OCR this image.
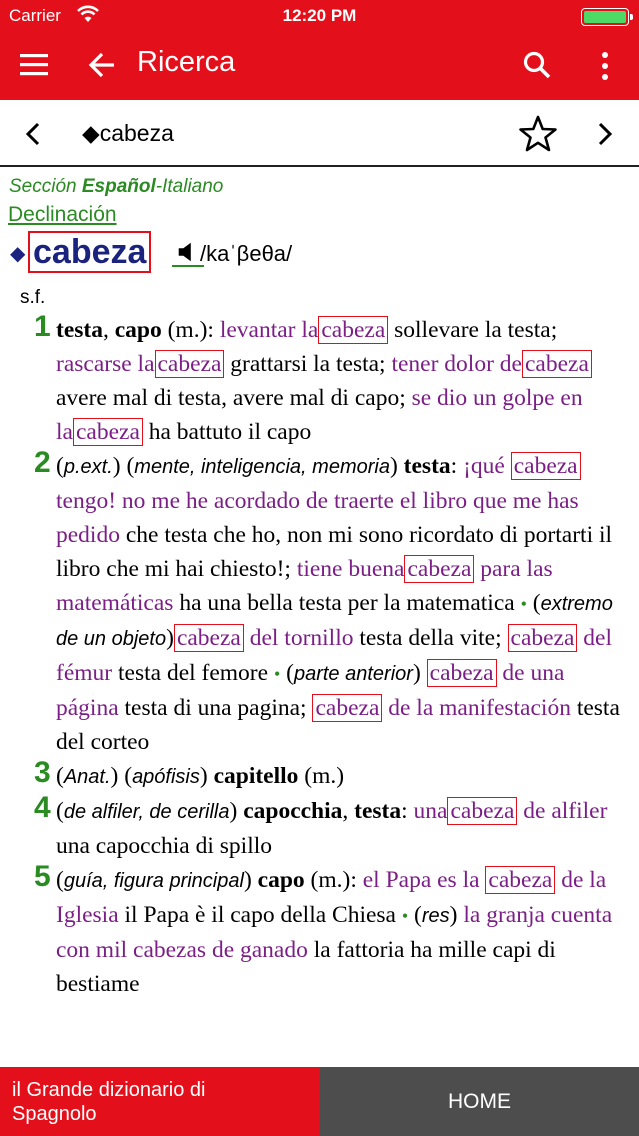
Carrier	12:20 PM
Ricerca
◆cabeza
Sección Español-Italiano
Declinación
◆ cabeza /kaˈβeθa/
s.f.
1 testa, capo (m.): levantar la cabeza sollevare la testa; rascarse la cabeza grattarsi la testa; tener dolor de cabeza avere mal di testa, avere mal di capo; se dio un golpe en la cabeza ha battuto il capo
2 (p.ext.) (mente, inteligencia, memoria) testa: ¡qué cabeza tengo! no me he acordado de traerte el libro que me has pedido che testa che ho, non mi sono ricordato di portarti il libro che mi hai chiesto!; tiene buena cabeza para las matemáticas ha una bella testa per la matematica • (extremo de un objeto) cabeza del tornillo testa della vite; cabeza del fémur testa del femore • (parte anterior) cabeza de una página testa di una pagina; cabeza de la manifestación testa del corteo
3 (Anat.) (apófisis) capitello (m.)
4 (de alfiler, de cerilla) capocchia, testa: una cabeza de alfiler una capocchia di spillo
5 (guía, figura principal) capo (m.): el Papa es la cabeza de la Iglesia il Papa è il capo della Chiesa • (res) la granja cuenta con mil cabezas de ganado la fattoria ha mille capi di bestiame
il Grande dizionario di
Spagnolo
HOME
